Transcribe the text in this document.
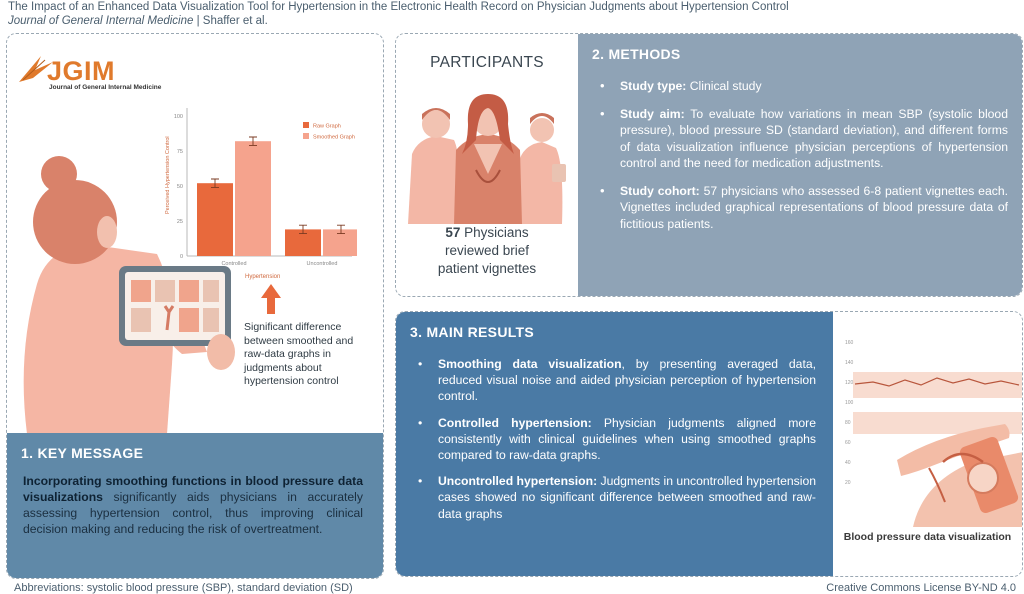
The Impact of an Enhanced Data Visualization Tool for Hypertension in the Electronic Health Record on Physician Judgments about Hypertension Control
Journal of General Internal Medicine | Shaffer et al.
JGIM
Journal of General Internal Medicine
0
25
50
75
100
Controlled	Uncontrolled
Perceived Hypertension Control
Hypertension
Raw Graph
Smoothed Graph
Significant difference between smoothed and raw-data graphs in judgments about hypertension control
1. KEY MESSAGE
Incorporating smoothing functions in blood pressure data visualizations significantly aids physicians in accurately assessing hypertension control, thus improving clinical decision making and reducing the risk of overtreatment.
PARTICIPANTS
57 Physicians
reviewed brief
patient vignettes
2. METHODS
• Study type: Clinical study
• Study aim: To evaluate how variations in mean SBP (systolic blood pressure), blood pressure SD (standard deviation), and different forms of data visualization influence physician perceptions of hypertension control and the need for medication adjustments.
• Study cohort: 57 physicians who assessed 6-8 patient vignettes each. Vignettes included graphical representations of blood pressure data of fictitious patients.
3. MAIN RESULTS
• Smoothing data visualization, by presenting averaged data, reduced visual noise and aided physician perception of hypertension control.
• Controlled hypertension: Physician judgments aligned more consistently with clinical guidelines when using smoothed graphs compared to raw-data graphs.
• Uncontrolled hypertension: Judgments in uncontrolled hypertension cases showed no significant difference between smoothed and raw-data graphs
160
140
120
100
80
60
40
20
Blood pressure data visualization
Abbreviations: systolic blood pressure (SBP), standard deviation (SD)	Creative Commons License BY-ND 4.0
